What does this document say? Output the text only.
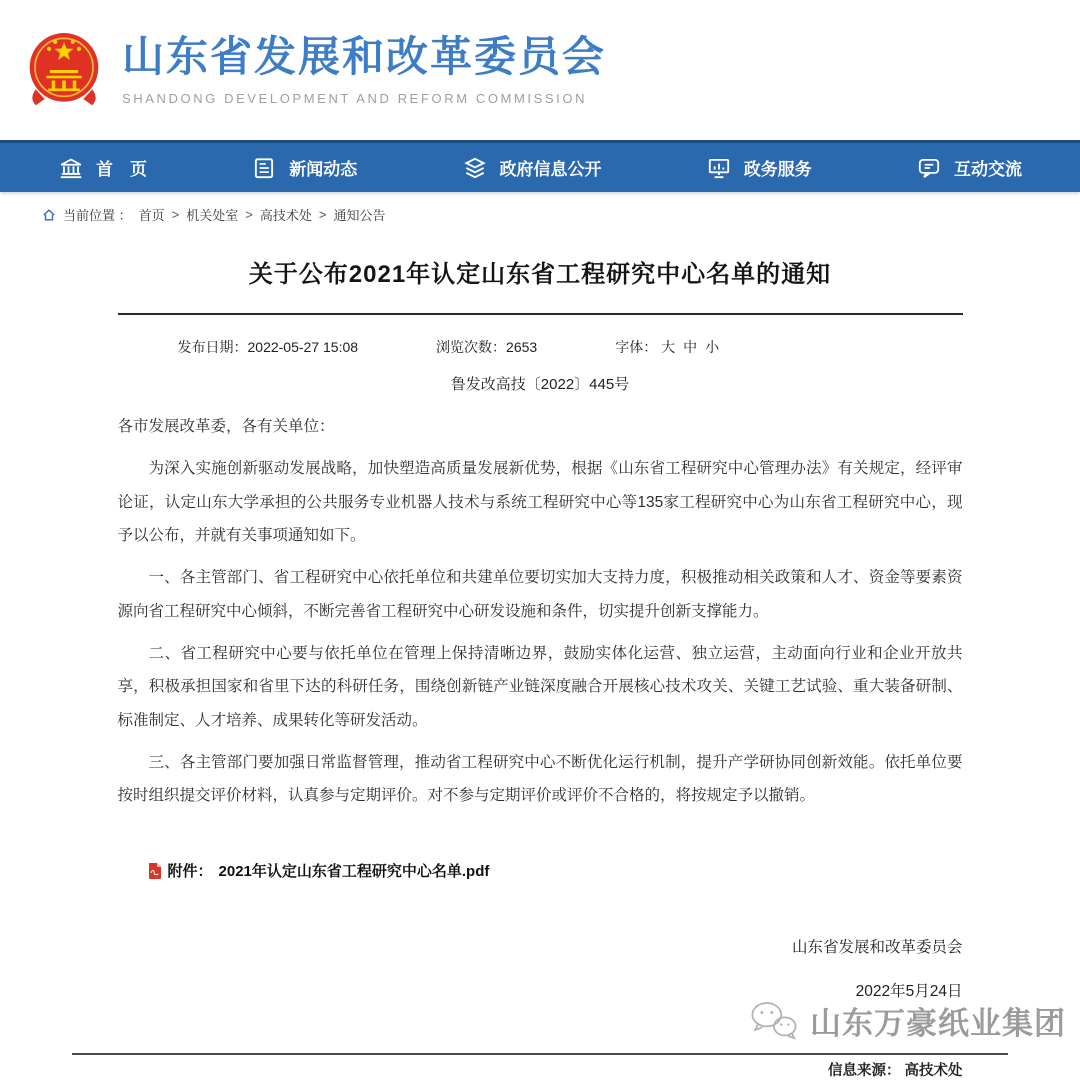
山东省发展和改革委员会
SHANDONG DEVELOPMENT AND REFORM COMMISSION
首　页	新闻动态	政府信息公开	政务服务	互动交流
当前位置 ： 首页 > 机关处室 > 高技术处 > 通知公告
关于公布2021年认定山东省工程研究中心名单的通知
发布日期：2022-05-27 15:08	浏览次数：2653	字体： 大 中 小
鲁发改高技〔2022〕445号

各市发展改革委，各有关单位：

为深入实施创新驱动发展战略，加快塑造高质量发展新优势，根据《山东省工程研究中心管理办法》有关规定，经评审论证，认定山东大学承担的公共服务专业机器人技术与系统工程研究中心等135家工程研究中心为山东省工程研究中心，现予以公布，并就有关事项通知如下。

一、各主管部门、省工程研究中心依托单位和共建单位要切实加大支持力度，积极推动相关政策和人才、资金等要素资源向省工程研究中心倾斜，不断完善省工程研究中心研发设施和条件，切实提升创新支撑能力。

二、省工程研究中心要与依托单位在管理上保持清晰边界，鼓励实体化运营、独立运营，主动面向行业和企业开放共享，积极承担国家和省里下达的科研任务，围绕创新链产业链深度融合开展核心技术攻关、关键工艺试验、重大装备研制、标准制定、人才培养、成果转化等研发活动。

三、各主管部门要加强日常监督管理，推动省工程研究中心不断优化运行机制，提升产学研协同创新效能。依托单位要按时组织提交评价材料，认真参与定期评价。对不参与定期评价或评价不合格的，将按规定予以撤销。

附件： 2021年认定山东省工程研究中心名单.pdf
山东省发展和改革委员会
2022年5月24日
信息来源： 高技术处
山东万豪纸业集团
